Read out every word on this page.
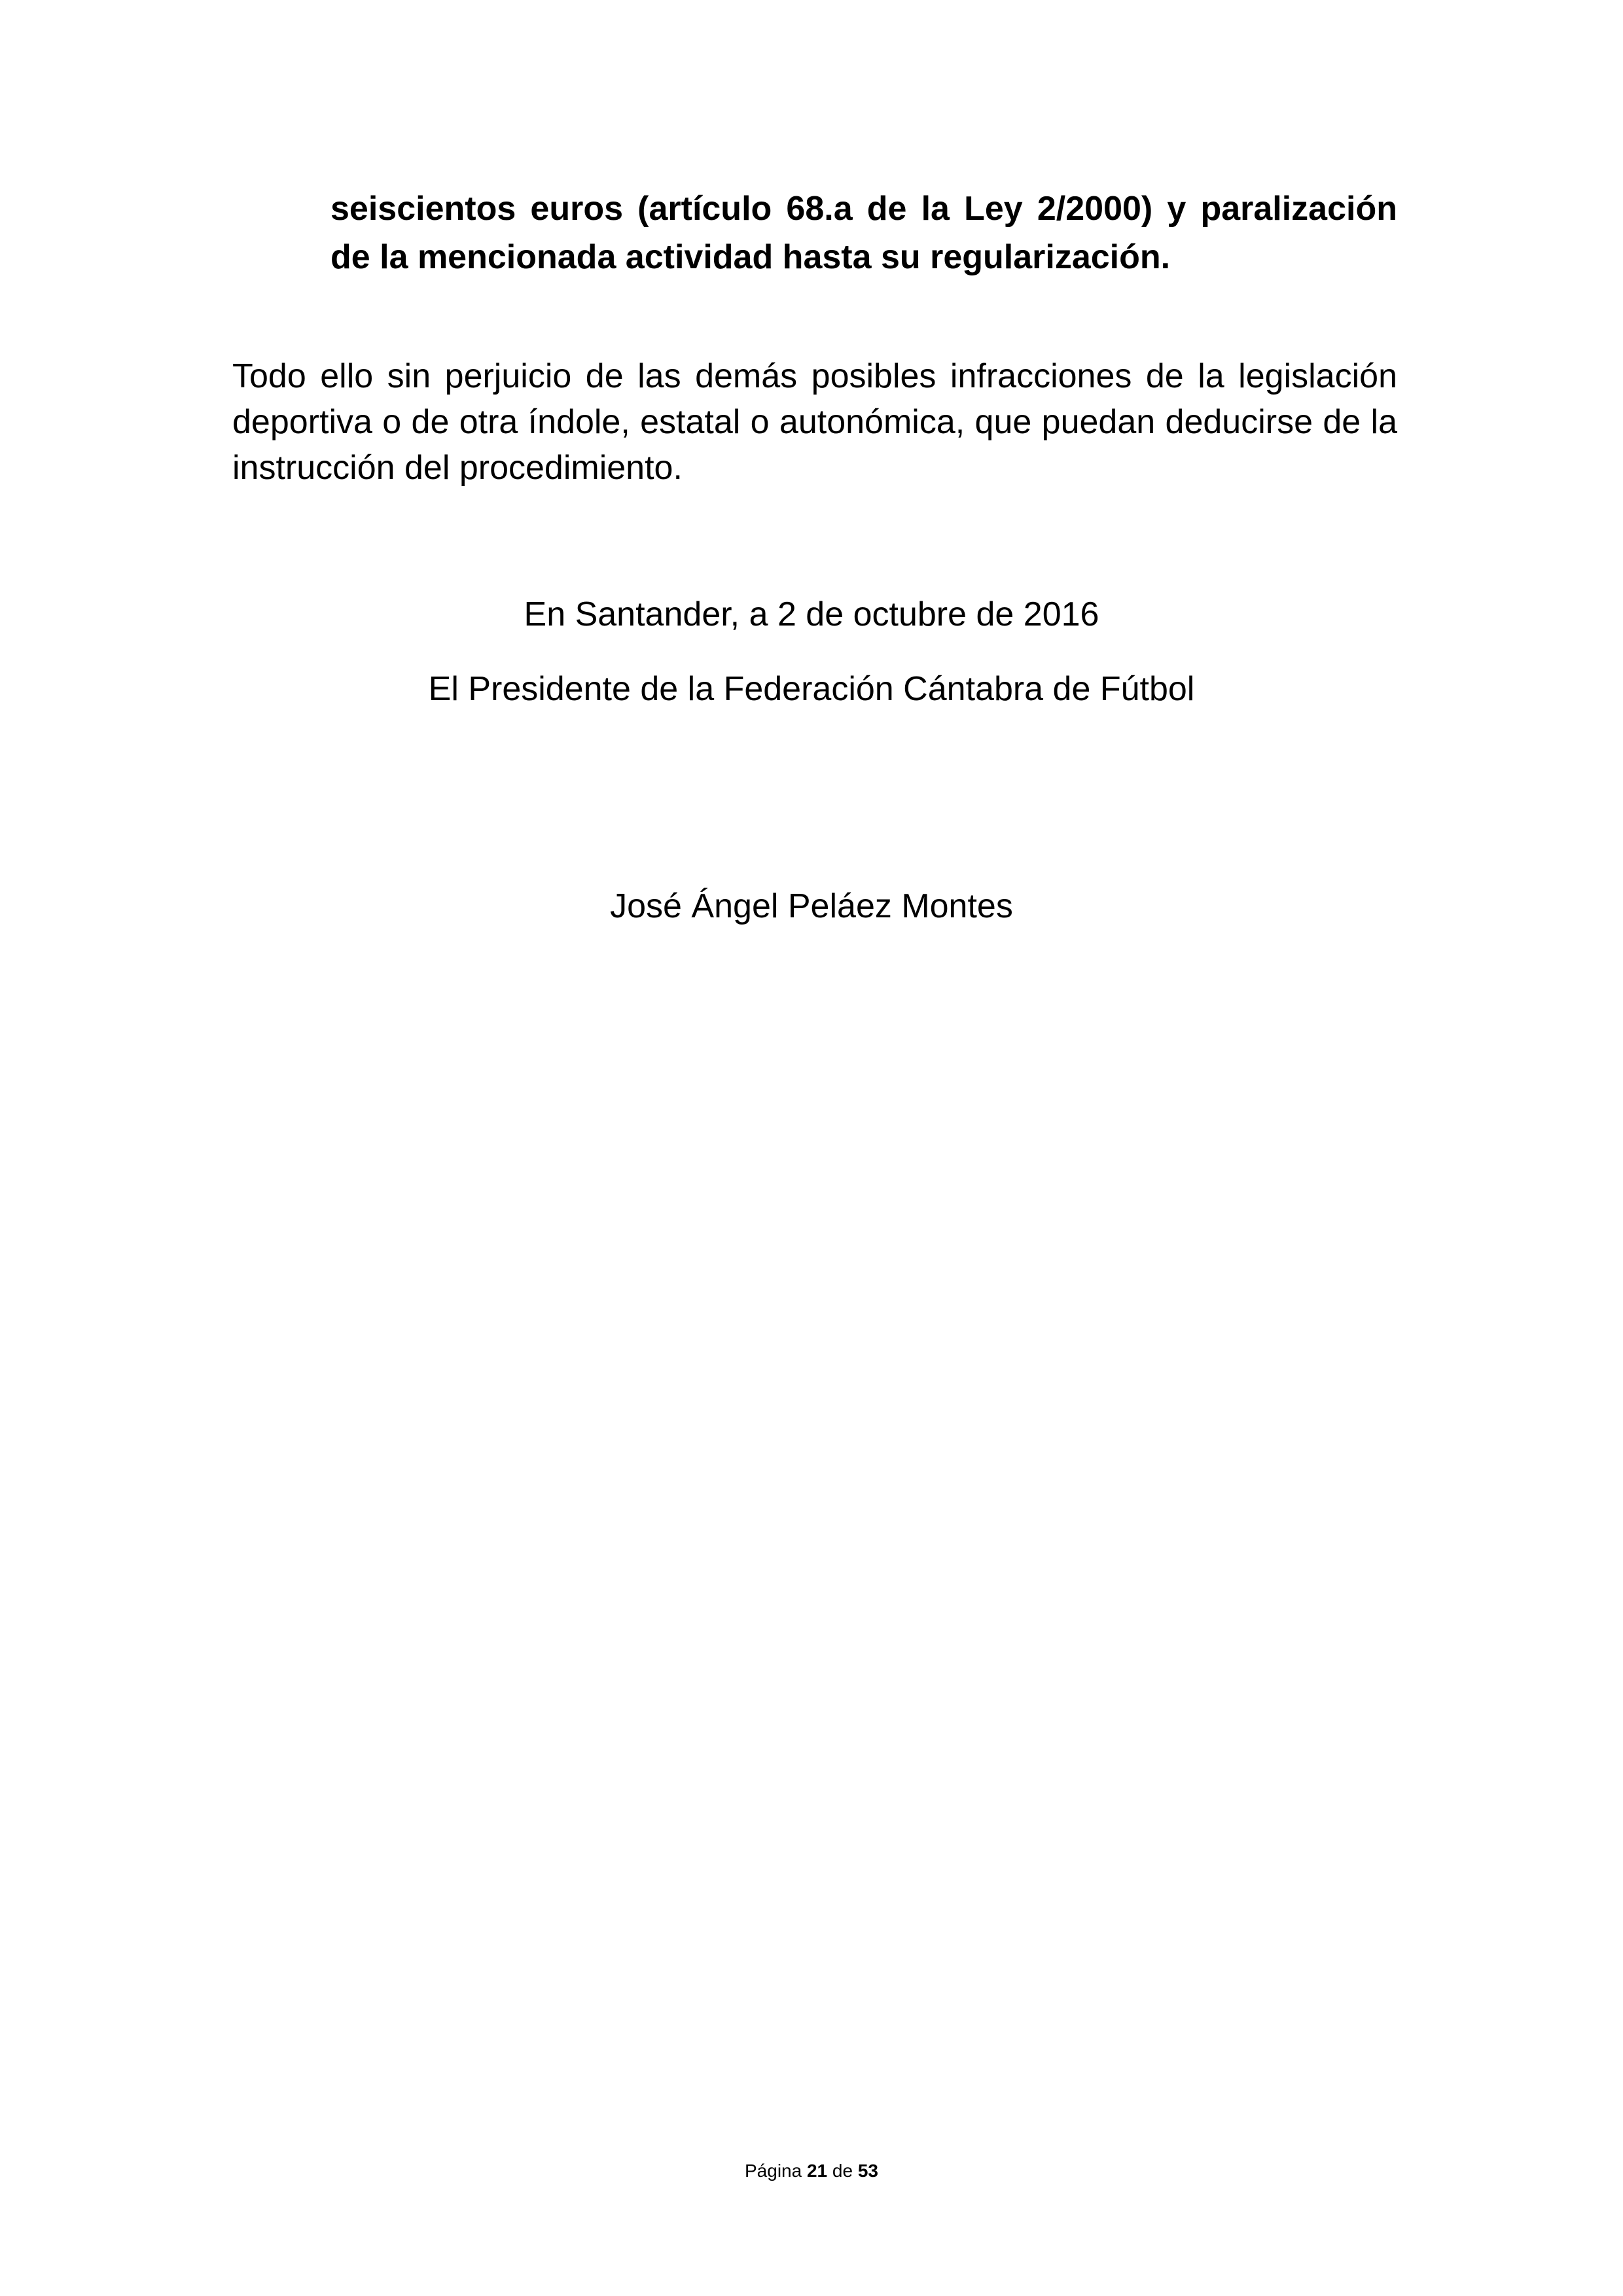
seiscientos euros (artículo 68.a de la Ley 2/2000) y paralización de la mencionada actividad hasta su regularización.

Todo ello sin perjuicio de las demás posibles infracciones de la legislación deportiva o de otra índole, estatal o autonómica, que puedan deducirse de la instrucción del procedimiento.

En Santander, a 2 de octubre de 2016
El Presidente de la Federación Cántabra de Fútbol
José Ángel Peláez Montes
Página 21 de 53
